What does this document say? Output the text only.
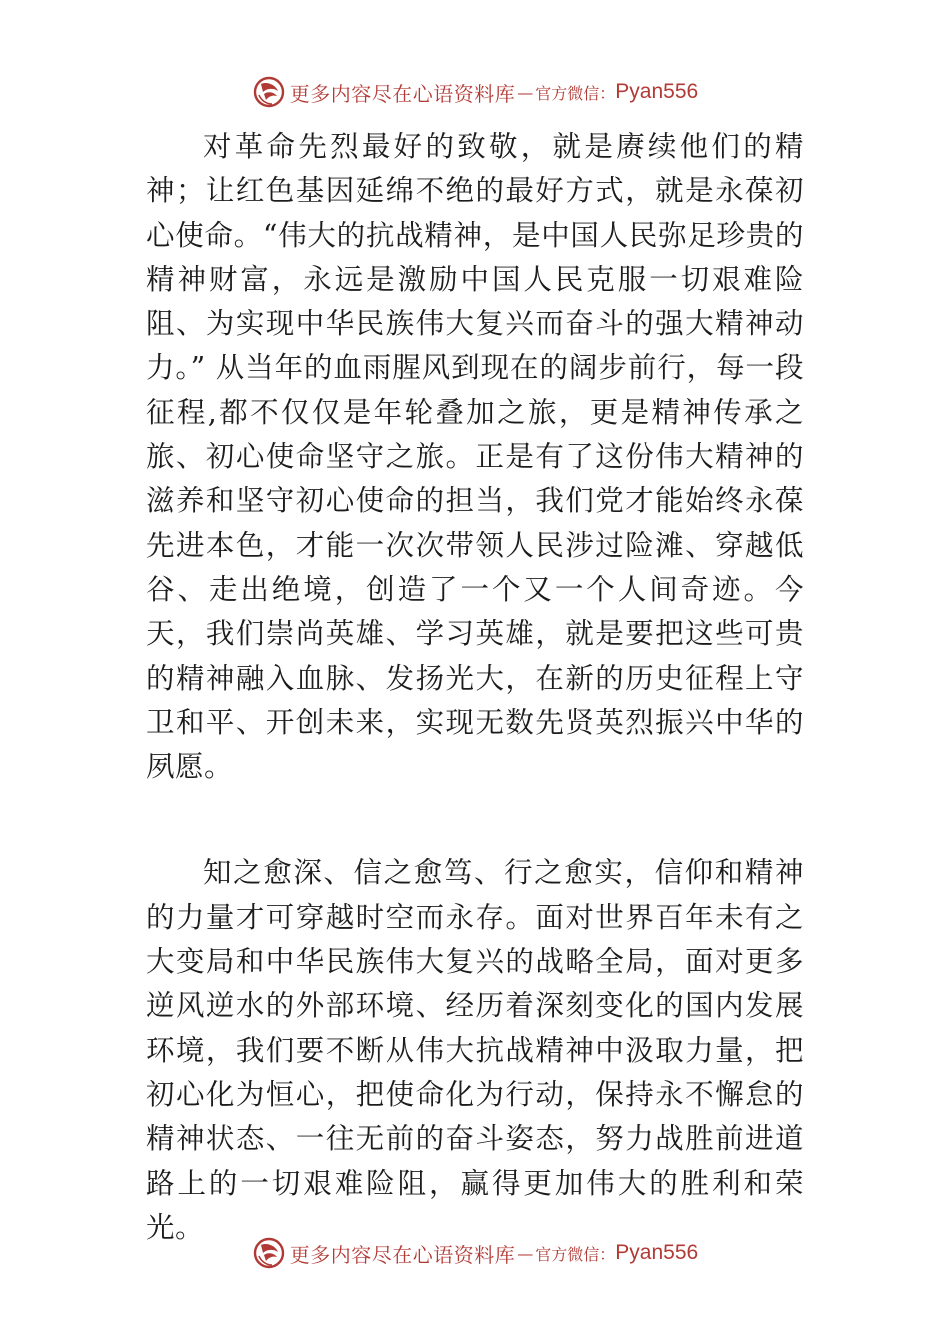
更多内容尽在心语资料库 — 官方微信： Pyan556

对革命先烈最好的致敬，就是赓续他们的精神；让红色基因延绵不绝的最好方式，就是永葆初心使命。“伟大的抗战精神，是中国人民弥足珍贵的精神财富，永远是激励中国人民克服一切艰难险阻、为实现中华民族伟大复兴而奋斗的强大精神动力。” 从当年的血雨腥风到现在的阔步前行，每一段征程,都不仅仅是年轮叠加之旅，更是精神传承之旅、初心使命坚守之旅。正是有了这份伟大精神的滋养和坚守初心使命的担当，我们党才能始终永葆先进本色，才能一次次带领人民涉过险滩、穿越低谷、走出绝境，创造了一个又一个人间奇迹。今天，我们崇尚英雄、学习英雄，就是要把这些可贵的精神融入血脉、发扬光大，在新的历史征程上守卫和平、开创未来，实现无数先贤英烈振兴中华的夙愿。

知之愈深、信之愈笃、行之愈实，信仰和精神的力量才可穿越时空而永存。面对世界百年未有之大变局和中华民族伟大复兴的战略全局，面对更多逆风逆水的外部环境、经历着深刻变化的国内发展环境，我们要不断从伟大抗战精神中汲取力量，把初心化为恒心，把使命化为行动，保持永不懈怠的精神状态、一往无前的奋斗姿态，努力战胜前进道路上的一切艰难险阻，赢得更加伟大的胜利和荣光。

更多内容尽在心语资料库 — 官方微信： Pyan556
